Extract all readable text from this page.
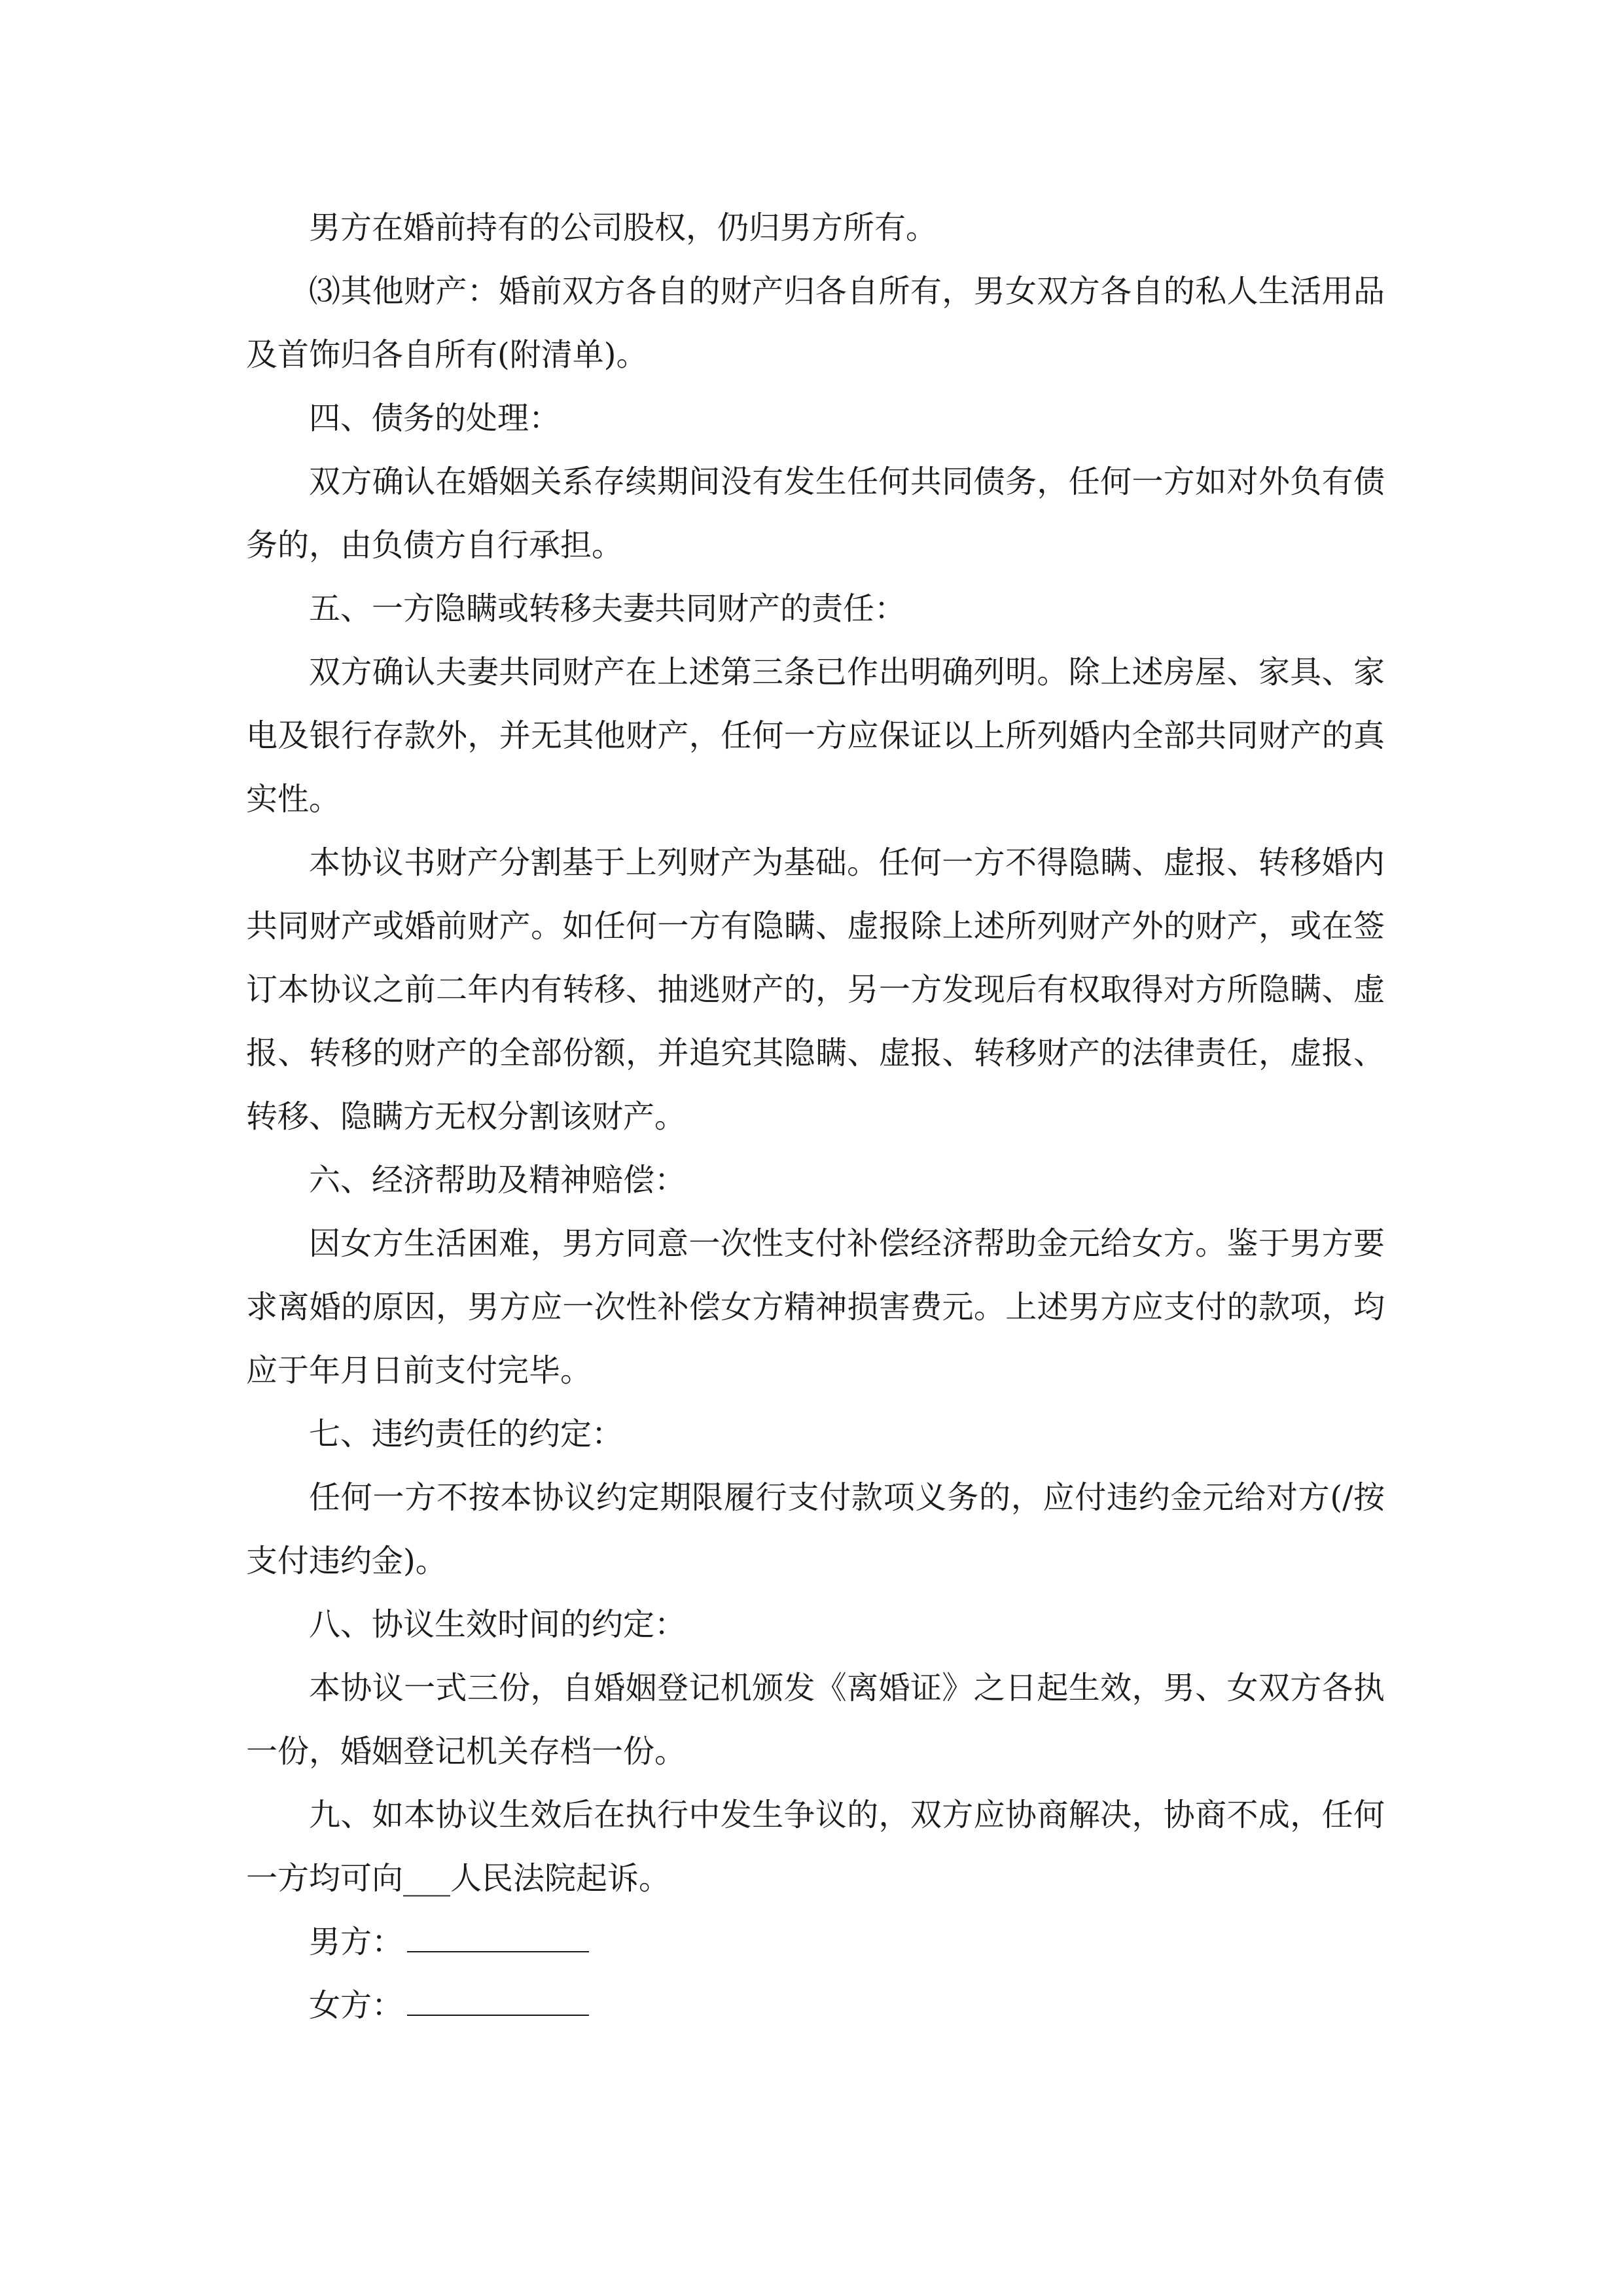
男方在婚前持有的公司股权，仍归男方所有。

⑶其他财产：婚前双方各自的财产归各自所有，男女双方各自的私人生活用品及首饰归各自所有(附清单)。

四、债务的处理：

双方确认在婚姻关系存续期间没有发生任何共同债务，任何一方如对外负有债务的，由负债方自行承担。

五、一方隐瞒或转移夫妻共同财产的责任：

双方确认夫妻共同财产在上述第三条已作出明确列明。除上述房屋、家具、家电及银行存款外，并无其他财产，任何一方应保证以上所列婚内全部共同财产的真实性。

本协议书财产分割基于上列财产为基础。任何一方不得隐瞒、虚报、转移婚内共同财产或婚前财产。如任何一方有隐瞒、虚报除上述所列财产外的财产，或在签订本协议之前二年内有转移、抽逃财产的，另一方发现后有权取得对方所隐瞒、虚报、转移的财产的全部份额，并追究其隐瞒、虚报、转移财产的法律责任，虚报、转移、隐瞒方无权分割该财产。

六、经济帮助及精神赔偿：

因女方生活困难，男方同意一次性支付补偿经济帮助金元给女方。鉴于男方要求离婚的原因，男方应一次性补偿女方精神损害费元。上述男方应支付的款项，均应于年月日前支付完毕。

七、违约责任的约定：

任何一方不按本协议约定期限履行支付款项义务的，应付违约金元给对方(/按支付违约金)。

八、协议生效时间的约定：

本协议一式三份，自婚姻登记机颁发《离婚证》之日起生效，男、女双方各执一份，婚姻登记机关存档一份。

九、如本协议生效后在执行中发生争议的，双方应协商解决，协商不成，任何一方均可向___人民法院起诉。

男方：

女方：
